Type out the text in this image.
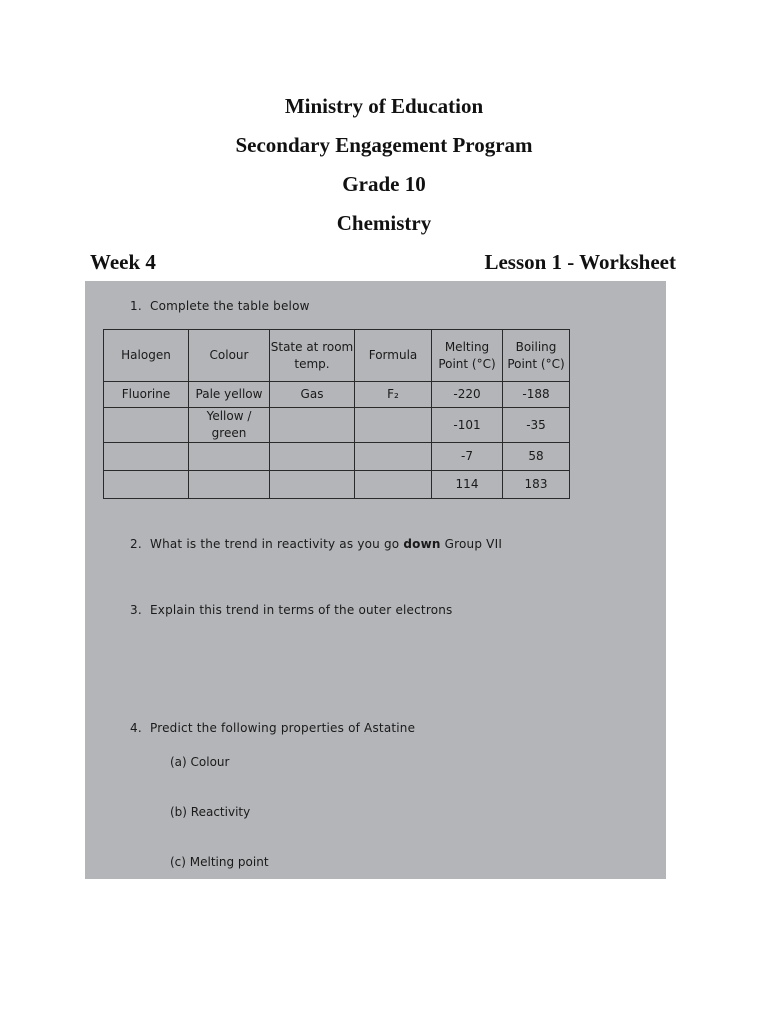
Ministry of Education
Secondary Engagement Program
Grade 10
Chemistry
Week 4	Lesson 1 - Worksheet
1. Complete the table below
Halogen	Colour	State at room temp.	Formula	Melting Point (°C)	Boiling Point (°C)
Fluorine	Pale yellow	Gas	F₂	-220	-188
	Yellow / green			-101	-35
				-7	58
				114	183
2. What is the trend in reactivity as you go down Group VII
3. Explain this trend in terms of the outer electrons
4. Predict the following properties of Astatine
(a) Colour
(b) Reactivity
(c) Melting point
